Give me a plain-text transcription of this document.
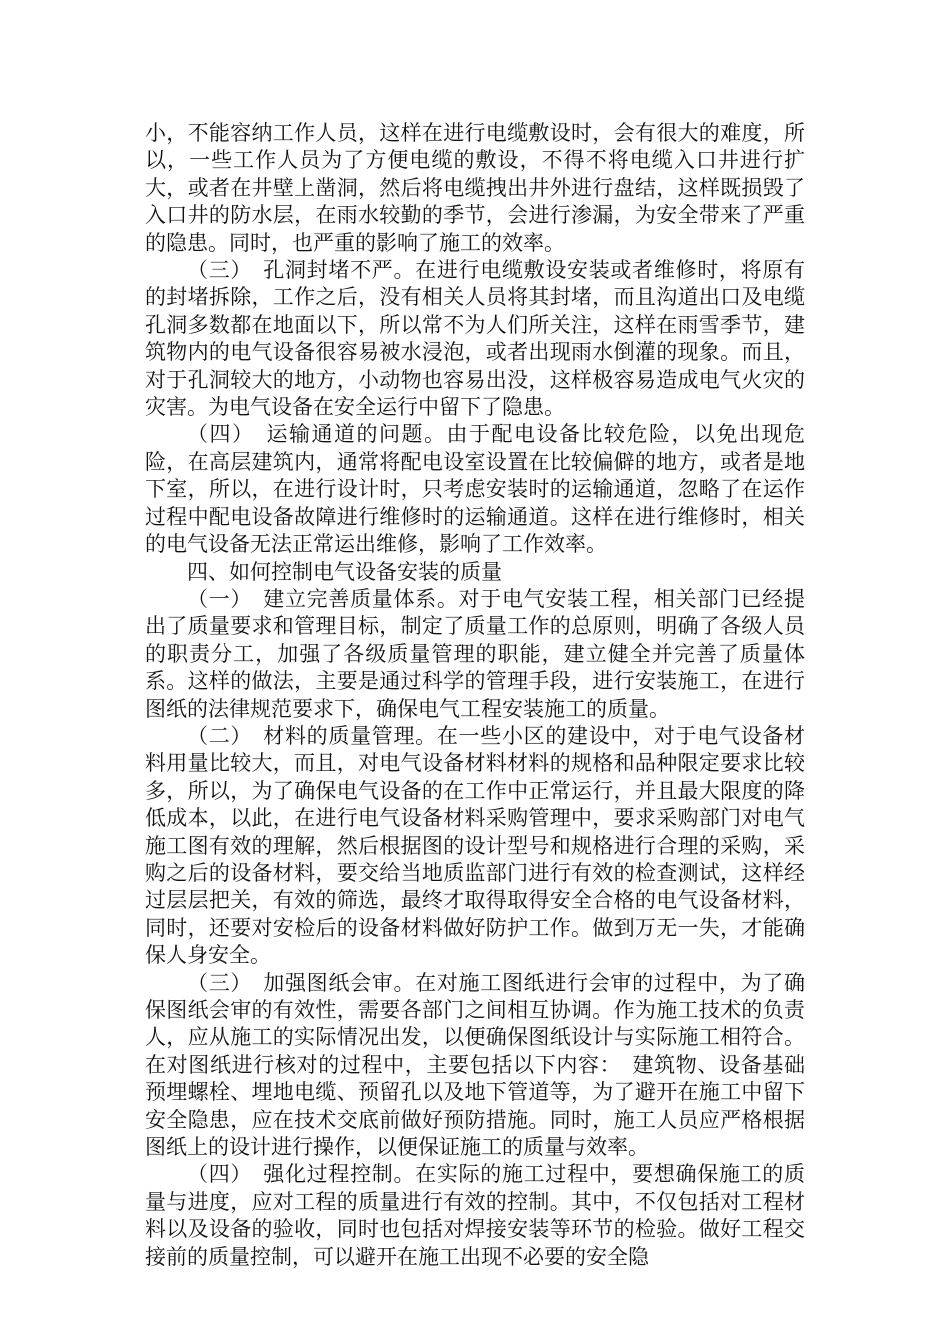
小，不能容纳工作人员，这样在进行电缆敷设时，会有很大的难度，所以，一些工作人员为了方便电缆的敷设，不得不将电缆入口井进行扩大，或者在井壁上凿洞，然后将电缆拽出井外进行盘结，这样既损毁了入口井的防水层，在雨水较勤的季节，会进行渗漏，为安全带来了严重的隐患。同时，也严重的影响了施工的效率。

（三）　孔洞封堵不严。在进行电缆敷设安装或者维修时，将原有的封堵拆除，工作之后，没有相关人员将其封堵，而且沟道出口及电缆孔洞多数都在地面以下，所以常不为人们所关注，这样在雨雪季节，建筑物内的电气设备很容易被水浸泡，或者出现雨水倒灌的现象。而且，对于孔洞较大的地方，小动物也容易出没，这样极容易造成电气火灾的灾害。为电气设备在安全运行中留下了隐患。

（四）　运输通道的问题。由于配电设备比较危险，以免出现危险，在高层建筑内，通常将配电设室设置在比较偏僻的地方，或者是地下室，所以，在进行设计时，只考虑安装时的运输通道，忽略了在运作过程中配电设备故障进行维修时的运输通道。这样在进行维修时，相关的电气设备无法正常运出维修，影响了工作效率。

四、如何控制电气设备安装的质量

（一）　建立完善质量体系。对于电气安装工程，相关部门已经提出了质量要求和管理目标，制定了质量工作的总原则，明确了各级人员的职责分工，加强了各级质量管理的职能，建立健全并完善了质量体系。这样的做法，主要是通过科学的管理手段，进行安装施工，在进行图纸的法律规范要求下，确保电气工程安装施工的质量。

（二）　材料的质量管理。在一些小区的建设中，对于电气设备材料用量比较大，而且，对电气设备材料材料的规格和品种限定要求比较多，所以，为了确保电气设备的在工作中正常运行，并且最大限度的降低成本，以此，在进行电气设备材料采购管理中，要求采购部门对电气施工图有效的理解，然后根据图的设计型号和规格进行合理的采购，采购之后的设备材料，要交给当地质监部门进行有效的检查测试，这样经过层层把关，有效的筛选，最终才取得取得安全合格的电气设备材料，同时，还要对安检后的设备材料做好防护工作。做到万无一失，才能确保人身安全。

（三）　加强图纸会审。在对施工图纸进行会审的过程中，为了确保图纸会审的有效性，需要各部门之间相互协调。作为施工技术的负责人，应从施工的实际情况出发，以便确保图纸设计与实际施工相符合。在对图纸进行核对的过程中，主要包括以下内容：　建筑物、设备基础预埋螺栓、埋地电缆、预留孔以及地下管道等，为了避开在施工中留下安全隐患，应在技术交底前做好预防措施。同时，施工人员应严格根据图纸上的设计进行操作，以便保证施工的质量与效率。

（四）　强化过程控制。在实际的施工过程中，要想确保施工的质量与进度，应对工程的质量进行有效的控制。其中，不仅包括对工程材料以及设备的验收，同时也包括对焊接安装等环节的检验。做好工程交接前的质量控制，可以避开在施工出现不必要的安全隐
